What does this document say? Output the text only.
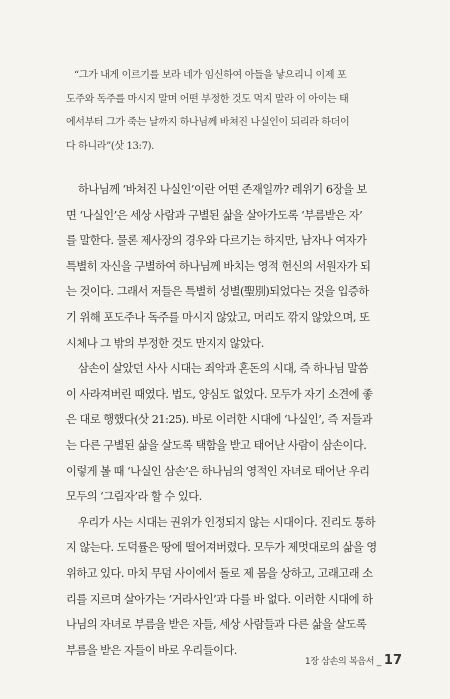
“그가 내게 이르기를 보라 네가 임신하여 아들을 낳으리니 이제 포
도주와 독주를 마시지 말며 어떤 부정한 것도 먹지 말라 이 아이는 태
에서부터 그가 죽는 날까지 하나님께 바쳐진 나실인이 되리라 하더이
다 하니라”(삿 13:7).
하나님께 ‘바쳐진 나실인’이란 어떤 존재일까? 레위기 6장을 보
면 ‘나실인’은 세상 사람과 구별된 삶을 살아가도록 ‘부름받은 자’
를 말한다. 물론 제사장의 경우와 다르기는 하지만, 남자나 여자가
특별히 자신을 구별하여 하나님께 바치는 영적 헌신의 서원자가 되
는 것이다. 그래서 저들은 특별히 성별(聖別)되었다는 것을 입증하
기 위해 포도주나 독주를 마시지 않았고, 머리도 깎지 않았으며, 또
시체나 그 밖의 부정한 것도 만지지 않았다.
삼손이 살았던 사사 시대는 죄악과 혼돈의 시대, 즉 하나님 말씀
이 사라져버린 때였다. 법도, 양심도 없었다. 모두가 자기 소견에 좋
은 대로 행했다(삿 21:25). 바로 이러한 시대에 ‘나실인’, 즉 저들과
는 다른 구별된 삶을 살도록 택함을 받고 태어난 사람이 삼손이다.
이렇게 볼 때 ‘나실인 삼손’은 하나님의 영적인 자녀로 태어난 우리
모두의 ‘그림자’라 할 수 있다.
우리가 사는 시대는 권위가 인정되지 않는 시대이다. 진리도 통하
지 않는다. 도덕률은 땅에 떨어져버렸다. 모두가 제멋대로의 삶을 영
위하고 있다. 마치 무덤 사이에서 돌로 제 몸을 상하고, 고래고래 소
리를 지르며 살아가는 ‘거라사인’과 다를 바 없다. 이러한 시대에 하
나님의 자녀로 부름을 받은 자들, 세상 사람들과 다른 삶을 살도록
부름을 받은 자들이 바로 우리들이다.
1장 삼손의 복음서 _ 17
